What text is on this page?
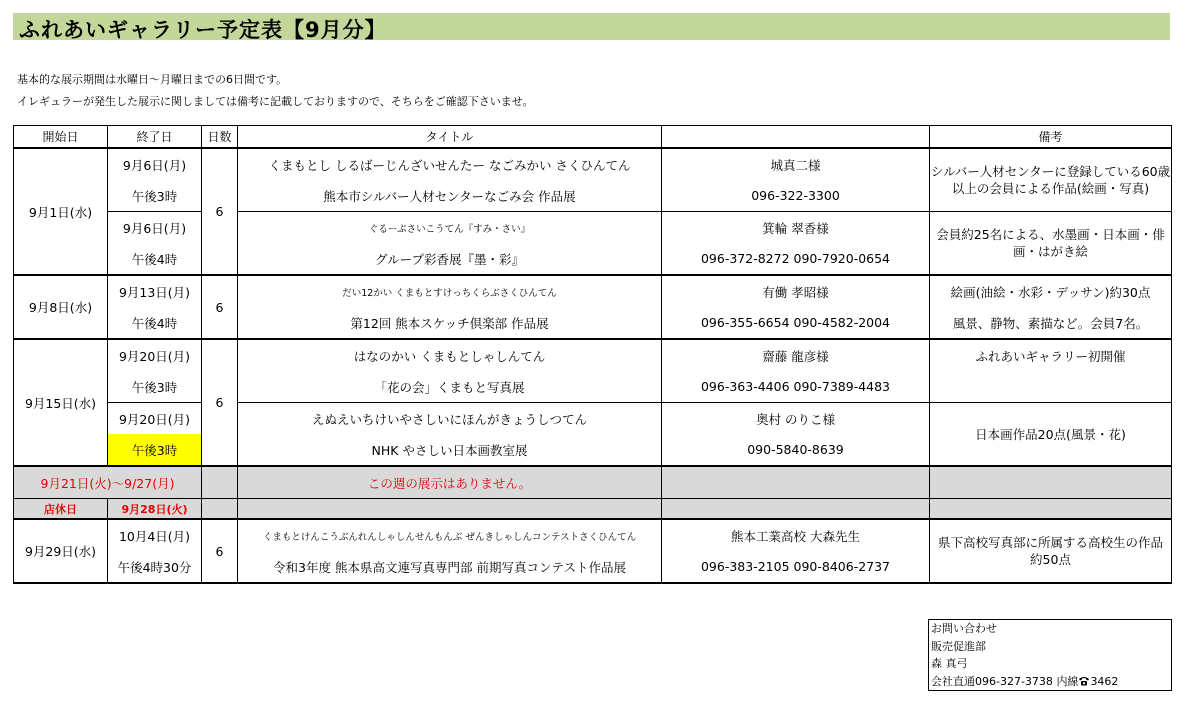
ふれあいギャラリー予定表【9月分】
基本的な展示期間は水曜日～月曜日までの6日間です。
イレギュラーが発生した展示に関しましては備考に記載しておりますので、そちらをご確認下さいませ。
開始日	終了日	日数	タイトル		備考
9月1日(水)	9月6日(月)	6	くまもとし しるばーじんざいせんたー なごみかい さくひんてん	城真二様	シルバー人材センターに登録している60歳以上の会員による作品(絵画・写真)
	午後3時		熊本市シルバー人材センターなごみ会 作品展	096-322-3300	
	9月6日(月)		ぐるーぷさいこうてん『すみ・さい』	箕輪 翠香様	会員約25名による、水墨画・日本画・俳画・はがき絵
	午後4時		グループ彩香展『墨・彩』	096-372-8272 090-7920-0654	
9月8日(水)	9月13日(月)	6	だい12かい くまもとすけっちくらぶさくひんてん	有働 孝昭様	絵画(油絵・水彩・デッサン)約30点
	午後4時		第12回 熊本スケッチ倶楽部 作品展	096-355-6654 090-4582-2004	風景、静物、素描など。会員7名。
9月15日(水)	9月20日(月)	6	はなのかい くまもとしゃしんてん	齋藤 龍彦様	ふれあいギャラリー初開催
	午後3時		「花の会」くまもと写真展	096-363-4406 090-7389-4483	
	9月20日(月)		えぬえいちけいやさしいにほんがきょうしつてん	奥村 のりこ様	日本画作品20点(風景・花)
	午後3時		NHK やさしい日本画教室展	090-5840-8639	
9月21日(火)～9/27(月)			この週の展示はありません。		
店休日	9月28日(火)				
9月29日(水)	10月4日(月)	6	くまもとけんこうぶんれんしゃしんせんもんぶ ぜんきしゃしんコンテストさくひんてん	熊本工業高校 大森先生	県下高校写真部に所属する高校生の作品 約50点
	午後4時30分		令和3年度 熊本県高文連写真専門部 前期写真コンテスト作品展	096-383-2105 090-8406-2737	
お問い合わせ
販売促進部
森 真弓
会社直通096-327-3738 内線 3462
